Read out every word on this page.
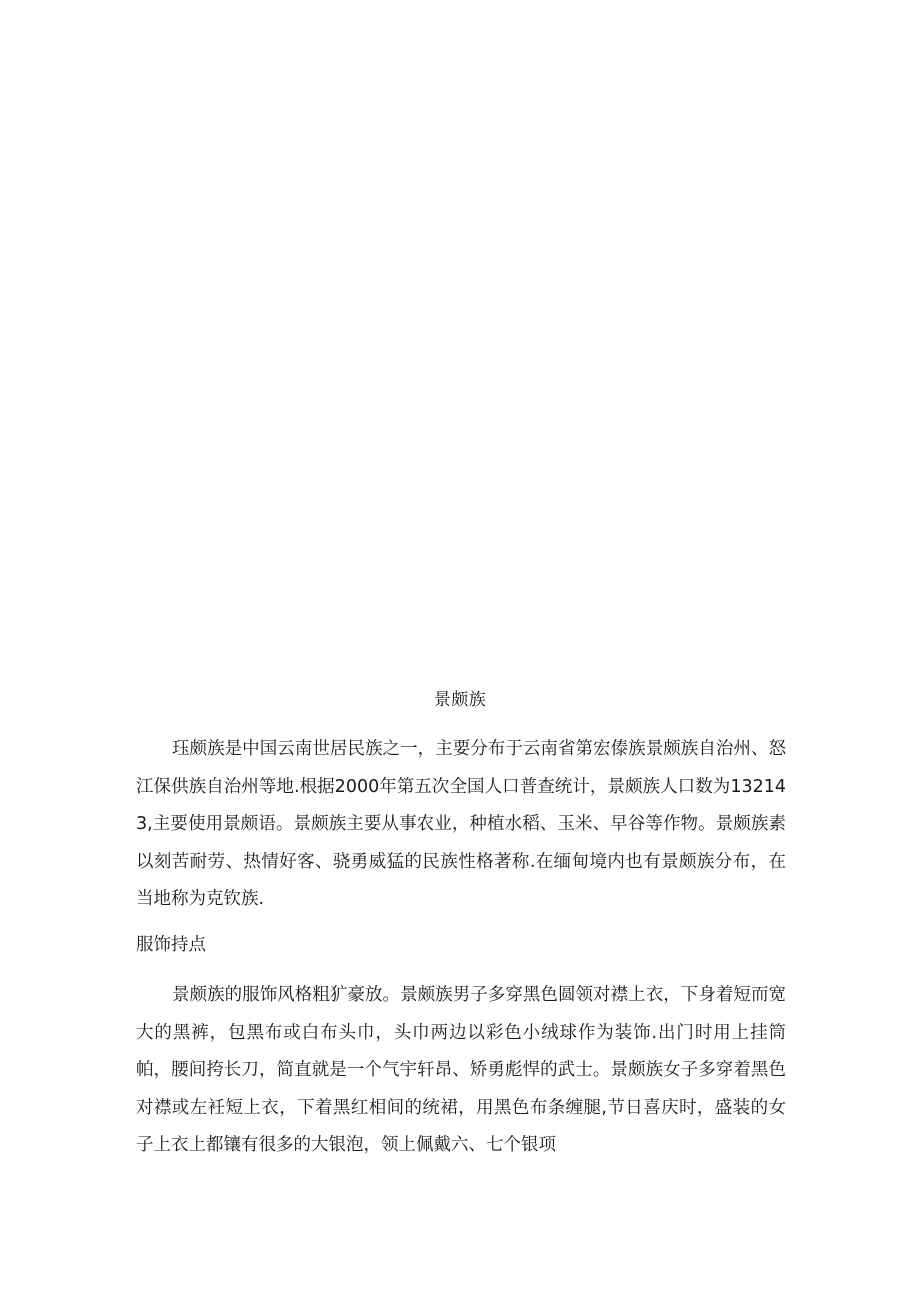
景颇族

珏颇族是中国云南世居民族之一，主要分布于云南省第宏傣族景颇族自治州、怒江保供族自治州等地.根据2000年第五次全国人口普查统计，景颇族人口数为132143,主要使用景颇语。景颇族主要从事农业，种植水稻、玉米、早谷等作物。景颇族素以刻苦耐劳、热情好客、骁勇威猛的民族性格著称.在缅甸境内也有景颇族分布，在当地称为克钦族.

服饰持点

景颇族的服饰风格粗犷豪放。景颇族男子多穿黑色圆领对襟上衣，下身着短而宽大的黑裤，包黑布或白布头巾，头巾两边以彩色小绒球作为装饰.出门时用上挂筒帕，腰间挎长刀，简直就是一个气宇轩昂、矫勇彪悍的武士。景颇族女子多穿着黑色对襟或左衽短上衣，下着黑红相间的统裙，用黑色布条缠腿,节日喜庆时，盛装的女子上衣上都镶有很多的大银泡，领上佩戴六、七个银项
